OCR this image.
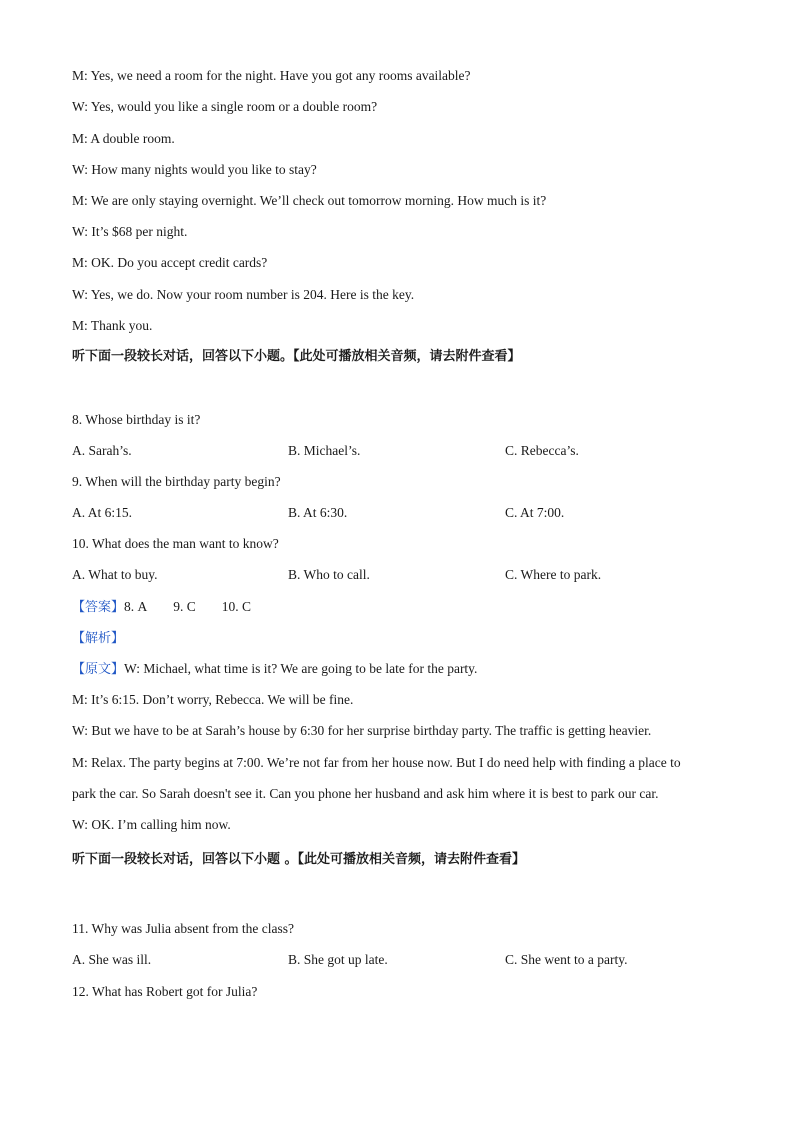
M: Yes, we need a room for the night. Have you got any rooms available?
W: Yes, would you like a single room or a double room?
M: A double room.
W: How many nights would you like to stay?
M: We are only staying overnight. We’ll check out tomorrow morning. How much is it?
W: It’s $68 per night.
M: OK. Do you accept credit cards?
W: Yes, we do. Now your room number is 204. Here is the key.
M: Thank you.
听下面一段较长对话，回答以下小题。【此处可播放相关音频，请去附件查看】
8. Whose birthday is it?
A. Sarah’s.	B. Michael’s.	C. Rebecca’s.
9. When will the birthday party begin?
A. At 6:15.	B. At 6:30.	C. At 7:00.
10. What does the man want to know?
A. What to buy.	B. Who to call.	C. Where to park.
【答案】8. A 9. C 10. C
【解析】
【原文】W: Michael, what time is it? We are going to be late for the party.
M: It’s 6:15. Don’t worry, Rebecca. We will be fine.
W: But we have to be at Sarah’s house by 6:30 for her surprise birthday party. The traffic is getting heavier.
M: Relax. The party begins at 7:00. We’re not far from her house now. But I do need help with finding a place to
park the car. So Sarah doesn't see it. Can you phone her husband and ask him where it is best to park our car.
W: OK. I’m calling him now.
听下面一段较长对话，回答以下小题 。【此处可播放相关音频，请去附件查看】
11. Why was Julia absent from the class?
A. She was ill.	B. She got up late.	C. She went to a party.
12. What has Robert got for Julia?
